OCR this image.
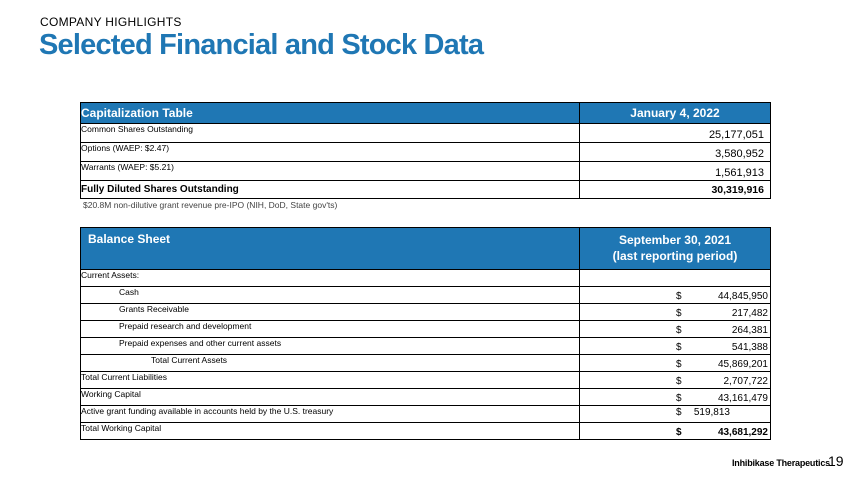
COMPANY HIGHLIGHTS
Selected Financial and Stock Data
Capitalization Table	January 4, 2022
Common Shares Outstanding	25,177,051
Options (WAEP: $2.47)	3,580,952
Warrants (WAEP: $5.21)	1,561,913
Fully Diluted Shares Outstanding	30,319,916
$20.8M non-dilutive grant revenue pre-IPO (NIH, DoD, State gov'ts)
Balance Sheet	September 30, 2021
(last reporting period)

Current Assets:	
Cash	$ 44,845,950

Grants Receivable	$ 217,482

Prepaid research and development	$ 264,381

Prepaid expenses and other current assets	$ 541,388

Total Current Assets	$ 45,869,201

Total Current Liabilities	$ 2,707,722

Working Capital	$ 43,161,479

Active grant funding available in accounts held by the U.S. treasury	$ 519,813

Total Working Capital	$ 43,681,292
Inhibikase Therapeutics
19
